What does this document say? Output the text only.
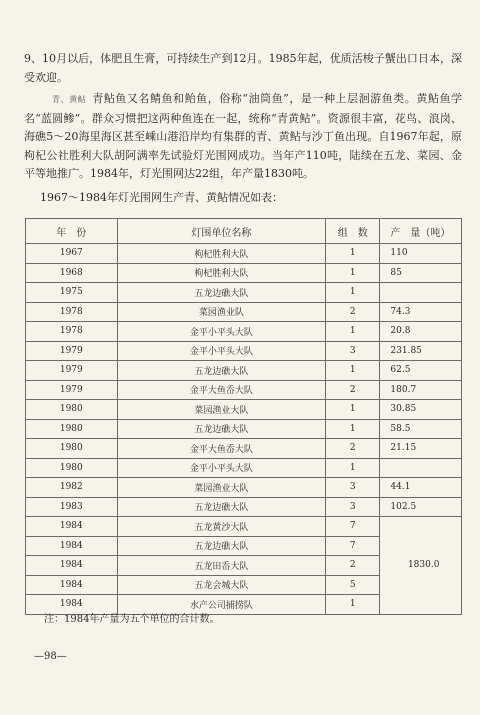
9、10月以后，体肥且生膏，可持续生产到12月。1985年起，优质活梭子蟹出口日本，深受欢迎。
青、黄鲇 青鲇鱼又名鲭鱼和鲐鱼，俗称“油筒鱼”，是一种上层洄游鱼类。黄鲇鱼学名“蓝圆鲹”。群众习惯把这两种鱼连在一起，统称“青黄鲇”。资源很丰富，花鸟、浪岗、海礁5～20海里海区甚至嵊山港沿岸均有集群的青、黄鲇与沙丁鱼出现。自1967年起，原枸杞公社胜利大队胡阿满率先试验灯光围网成功。当年产110吨，陆续在五龙、菜园、金平等地推广。1984年，灯光围网达22组，年产量1830吨。
1967～1984年灯光围网生产青、黄鲇情况如表：
年　份	灯围单位名称	组　数	产　量（吨）
1967	枸杞胜利大队	1	110
1968	枸杞胜利大队	1	85
1975	五龙边礁大队	1	
1978	菜园渔业队	2	74.3
1978	金平小平头大队	1	20.8
1979	金平小平头大队	3	231.85
1979	五龙边礁大队	1	62.5
1979	金平大鱼岙大队	2	180.7
1980	菜园渔业大队	1	30.85
1980	五龙边礁大队	1	58.5
1980	金平大鱼岙大队	2	21.15
1980	金平小平头大队	1	
1982	菜园渔业大队	3	44.1
1983	五龙边礁大队	3	102.5
1984	五龙黄沙大队	7	1830.0
1984	五龙边礁大队	7	
1984	五龙田岙大队	2	
1984	五龙会城大队	5	
1984	水产公司捕捞队	1	
注：1984年产量为五个单位的合计数。
—98—
